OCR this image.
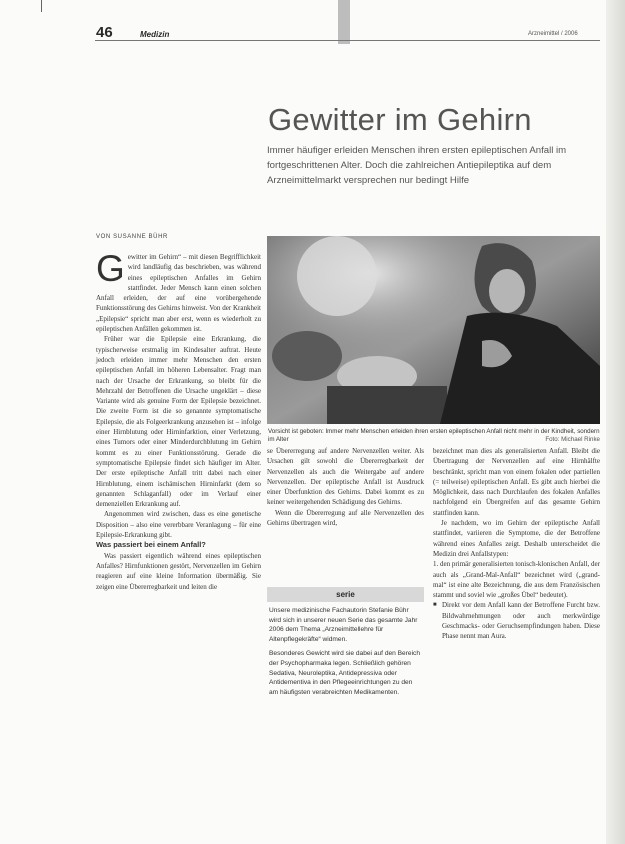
46	Medizin	Arzneimittel / 2006
Gewitter im Gehirn
Immer häufiger erleiden Menschen ihren ersten epileptischen Anfall im fortgeschrittenen Alter. Doch die zahlreichen Antiepileptika auf dem Arzneimittelmarkt versprechen nur bedingt Hilfe
VON SUSANNE BÜHR

Gewitter im Gehirn“ – mit diesen Begrifflichkeit wird landläufig das beschrieben, was während eines epileptischen Anfalles im Gehirn stattfindet. Jeder Mensch kann einen solchen Anfall erleiden, der auf eine vorübergehende Funktionsstörung des Gehirns hinweist. Von der Krankheit „Epilepsie“ spricht man aber erst, wenn es wiederholt zu epileptischen Anfällen gekommen ist.

Früher war die Epilepsie eine Erkrankung, die typischerweise erstmalig im Kindesalter auftrat. Heute jedoch erleiden immer mehr Menschen den ersten epileptischen Anfall im höheren Lebensalter. Fragt man nach der Ursache der Erkrankung, so bleibt für die Mehrzahl der Betroffenen die Ursache ungeklärt – diese Variante wird als genuine Form der Epilepsie bezeichnet. Die zweite Form ist die so genannte symptomatische Epilepsie, die als Folgeerkrankung anzusehen ist – infolge einer Hirnblutung oder Hirninfarktion, einer Verletzung, eines Tumors oder einer Minderdurchblutung im Gehirn kommt es zu einer Funktionsstörung. Gerade die symptomatische Epilepsie findet sich häufiger im Alter. Der erste epileptische Anfall tritt dabei nach einer Hirnblutung, einem ischämischen Hirninfarkt (dem so genannten Schlaganfall) oder im Verlauf einer demenziellen Erkrankung auf.

Angenommen wird zwischen, dass es eine genetische Disposition – also eine vererbbare Veranlagung – für eine Epilepsie-Erkrankung gibt.

Was passiert bei einem Anfall?

Was passiert eigentlich während eines epileptischen Anfalles? Hirnfunktionen gestört, Nervenzellen im Gehirn reagieren auf eine kleine Information übermäßig. Sie zeigen eine Übererregbarkeit und leiten die

Vorsicht ist geboten: Immer mehr Menschen erleiden ihren ersten epileptischen Anfall nicht mehr in der Kindheit, sondern im Alter	Foto: Michael Rinke

se Übererregung auf andere Nervenzellen weiter. Als Ursachen gilt sowohl die Übererregbarkeit der Nervenzellen als auch die Weitergabe auf andere Nervenzellen. Der epileptische Anfall ist Ausdruck einer Überfunktion des Gehirns. Dabei kommt es zu keiner weitergehenden Schädigung des Gehirns.

Wenn die Übererregung auf alle Nervenzellen des Gehirns übertragen wird,

serie

Unsere medizinische Fachautorin Stefanie Bühr wird sich in unserer neuen Serie das gesamte Jahr 2006 dem Thema „Arzneimittellehre für Altenpflegekräfte“ widmen.

Besonderes Gewicht wird sie dabei auf den Bereich der Psychopharmaka legen. Schließlich gehören Sedativa, Neuroleptika, Antidepressiva oder Antidementiva in den Pflegeeinrichtungen zu den am häufigsten verabreichten Medikamenten.

bezeichnet man dies als generalisierten Anfall. Bleibt die Übertragung der Nervenzellen auf eine Hirnhälfte beschränkt, spricht man von einem fokalen oder partiellen (= teilweise) epileptischen Anfall. Es gibt auch hierbei die Möglichkeit, dass nach Durchlaufen des fokalen Anfalles nachfolgend ein Übergreifen auf das gesamte Gehirn stattfinden kann.

Je nachdem, wo im Gehirn der epileptische Anfall stattfindet, variieren die Symptome, die der Betroffene während eines Anfalles zeigt. Deshalb unterscheidet die Medizin drei Anfallstypen:

1. den primär generalisierten tonisch-klonischen Anfall, der auch als „Grand-Mal-Anfall“ bezeichnet wird („grand-mal“ ist eine alte Bezeichnung, die aus dem Französischen stammt und soviel wie „großes Übel“ bedeutet).

■ Direkt vor dem Anfall kann der Betroffene Furcht bzw. Bildwahrnehmungen oder auch merkwürdige Geschmacks- oder Geruchsempfindungen haben. Diese Phase nennt man Aura.
